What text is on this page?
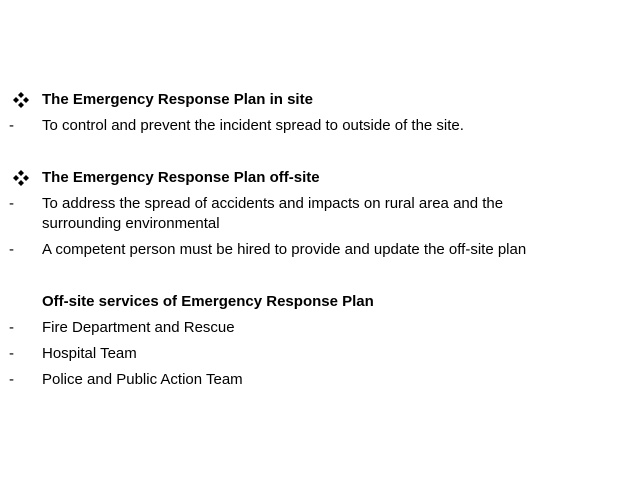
The Emergency Response Plan in site
- To control and prevent the incident spread to outside of the site.
The Emergency Response Plan off-site
- To address the spread of accidents and impacts on rural area and the
surrounding environmental
- A competent person must be hired to provide and update the off-site plan
Off-site services of Emergency Response Plan
- Fire Department and Rescue
- Hospital Team
- Police and Public Action Team
